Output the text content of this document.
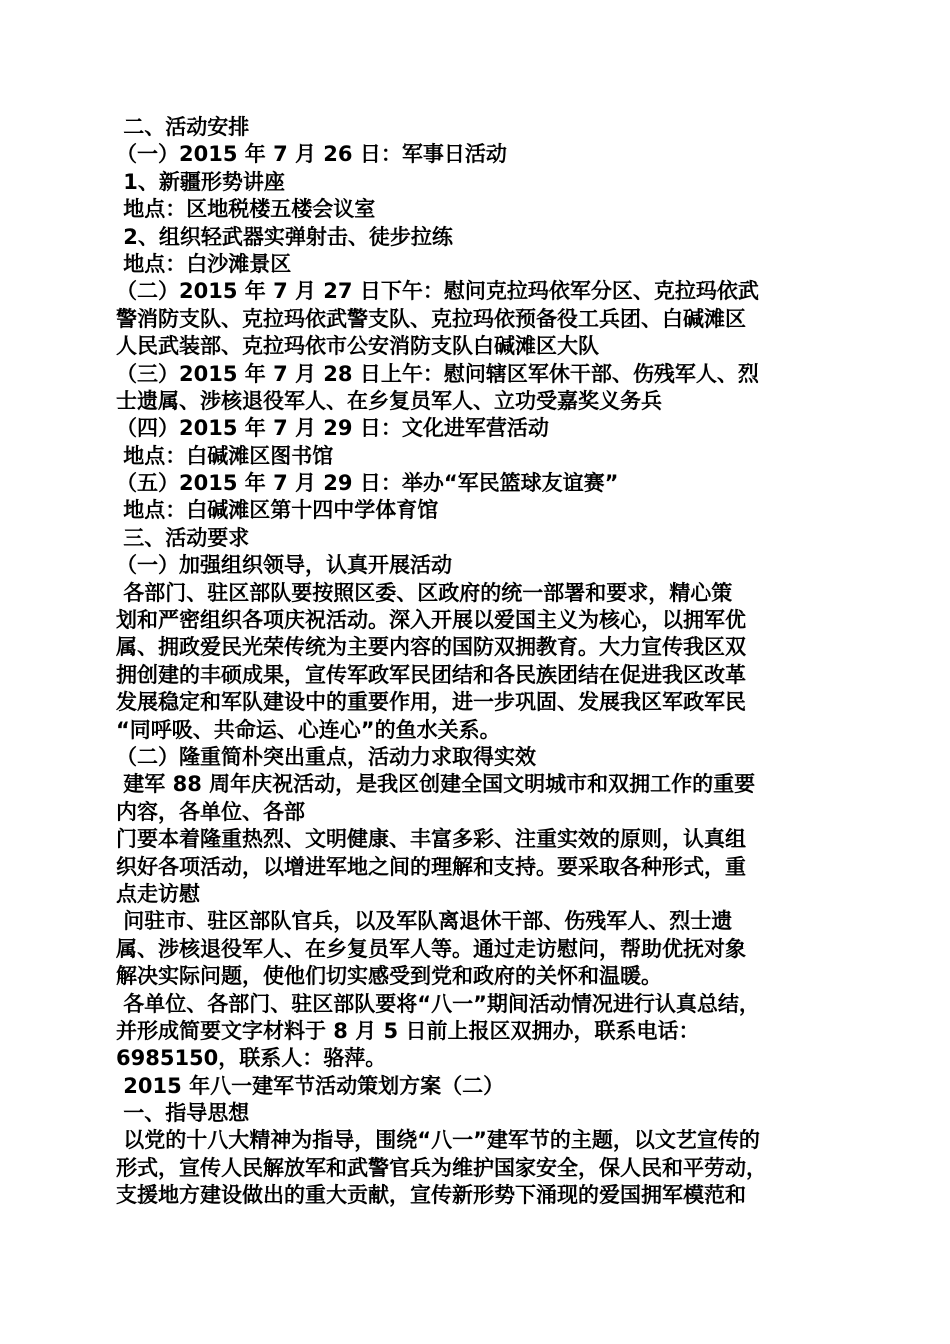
二、活动安排
（一）2015 年 7 月 26 日：军事日活动
1、新疆形势讲座
地点：区地税楼五楼会议室
2、组织轻武器实弹射击、徒步拉练
地点：白沙滩景区
（二）2015 年 7 月 27 日下午：慰问克拉玛依军分区、克拉玛依武
警消防支队、克拉玛依武警支队、克拉玛依预备役工兵团、白碱滩区
人民武装部、克拉玛依市公安消防支队白碱滩区大队
（三）2015 年 7 月 28 日上午：慰问辖区军休干部、伤残军人、烈
士遗属、涉核退役军人、在乡复员军人、立功受嘉奖义务兵
（四）2015 年 7 月 29 日：文化进军营活动
地点：白碱滩区图书馆
（五）2015 年 7 月 29 日：举办“军民篮球友谊赛”
地点：白碱滩区第十四中学体育馆
三、活动要求
（一）加强组织领导，认真开展活动
各部门、驻区部队要按照区委、区政府的统一部署和要求，精心策
划和严密组织各项庆祝活动。深入开展以爱国主义为核心，以拥军优
属、拥政爱民光荣传统为主要内容的国防双拥教育。大力宣传我区双
拥创建的丰硕成果，宣传军政军民团结和各民族团结在促进我区改革
发展稳定和军队建设中的重要作用，进一步巩固、发展我区军政军民
“同呼吸、共命运、心连心”的鱼水关系。
（二）隆重简朴突出重点，活动力求取得实效
建军 88 周年庆祝活动，是我区创建全国文明城市和双拥工作的重要
内容，各单位、各部
门要本着隆重热烈、文明健康、丰富多彩、注重实效的原则，认真组
织好各项活动，以增进军地之间的理解和支持。要采取各种形式，重
点走访慰
问驻市、驻区部队官兵，以及军队离退休干部、伤残军人、烈士遗
属、涉核退役军人、在乡复员军人等。通过走访慰问，帮助优抚对象
解决实际问题，使他们切实感受到党和政府的关怀和温暖。
各单位、各部门、驻区部队要将“八一”期间活动情况进行认真总结，
并形成简要文字材料于 8 月 5 日前上报区双拥办，联系电话：
6985150，联系人：骆萍。
2015 年八一建军节活动策划方案（二）
一、指导思想
以党的十八大精神为指导，围绕“八一”建军节的主题，以文艺宣传的
形式，宣传人民解放军和武警官兵为维护国家安全，保人民和平劳动，
支援地方建设做出的重大贡献，宣传新形势下涌现的爱国拥军模范和
